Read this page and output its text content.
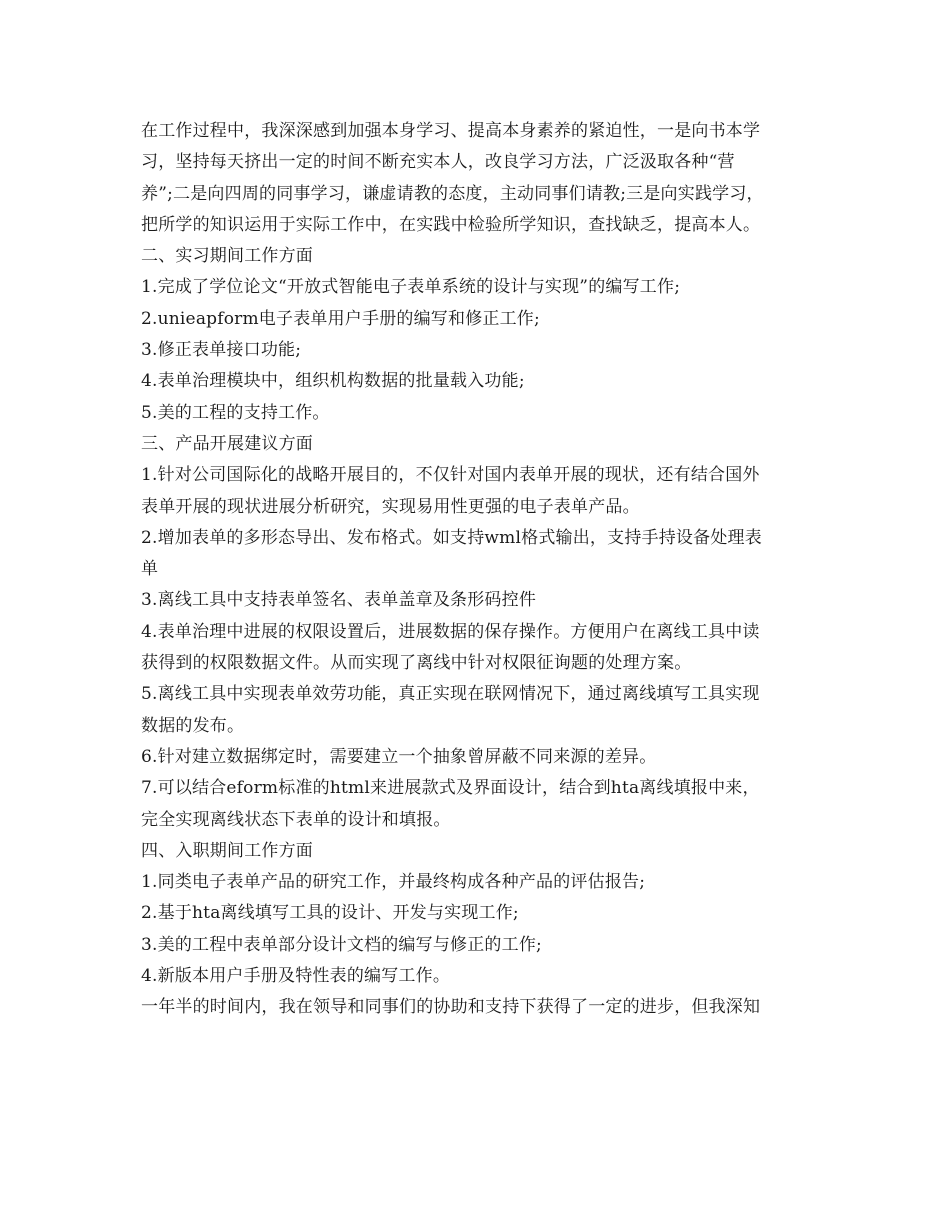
在工作过程中，我深深感到加强本身学习、提高本身素养的紧迫性，一是向书本学
习，坚持每天挤出一定的时间不断充实本人，改良学习方法，广泛汲取各种“营
养”;二是向四周的同事学习，谦虚请教的态度，主动同事们请教;三是向实践学习，
把所学的知识运用于实际工作中，在实践中检验所学知识，查找缺乏，提高本人。
二、实习期间工作方面
1.完成了学位论文“开放式智能电子表单系统的设计与实现”的编写工作;
2.unieapform电子表单用户手册的编写和修正工作;
3.修正表单接口功能;
4.表单治理模块中，组织机构数据的批量载入功能;
5.美的工程的支持工作。
三、产品开展建议方面
1.针对公司国际化的战略开展目的，不仅针对国内表单开展的现状，还有结合国外
表单开展的现状进展分析研究，实现易用性更强的电子表单产品。
2.增加表单的多形态导出、发布格式。如支持wml格式输出，支持手持设备处理表
单
3.离线工具中支持表单签名、表单盖章及条形码控件
4.表单治理中进展的权限设置后，进展数据的保存操作。方便用户在离线工具中读
获得到的权限数据文件。从而实现了离线中针对权限征询题的处理方案。
5.离线工具中实现表单效劳功能，真正实现在联网情况下，通过离线填写工具实现
数据的发布。
6.针对建立数据绑定时，需要建立一个抽象曾屏蔽不同来源的差异。
7.可以结合eform标准的html来进展款式及界面设计，结合到hta离线填报中来，
完全实现离线状态下表单的设计和填报。
四、入职期间工作方面
1.同类电子表单产品的研究工作，并最终构成各种产品的评估报告;
2.基于hta离线填写工具的设计、开发与实现工作;
3.美的工程中表单部分设计文档的编写与修正的工作;
4.新版本用户手册及特性表的编写工作。
一年半的时间内，我在领导和同事们的协助和支持下获得了一定的进步，但我深知
